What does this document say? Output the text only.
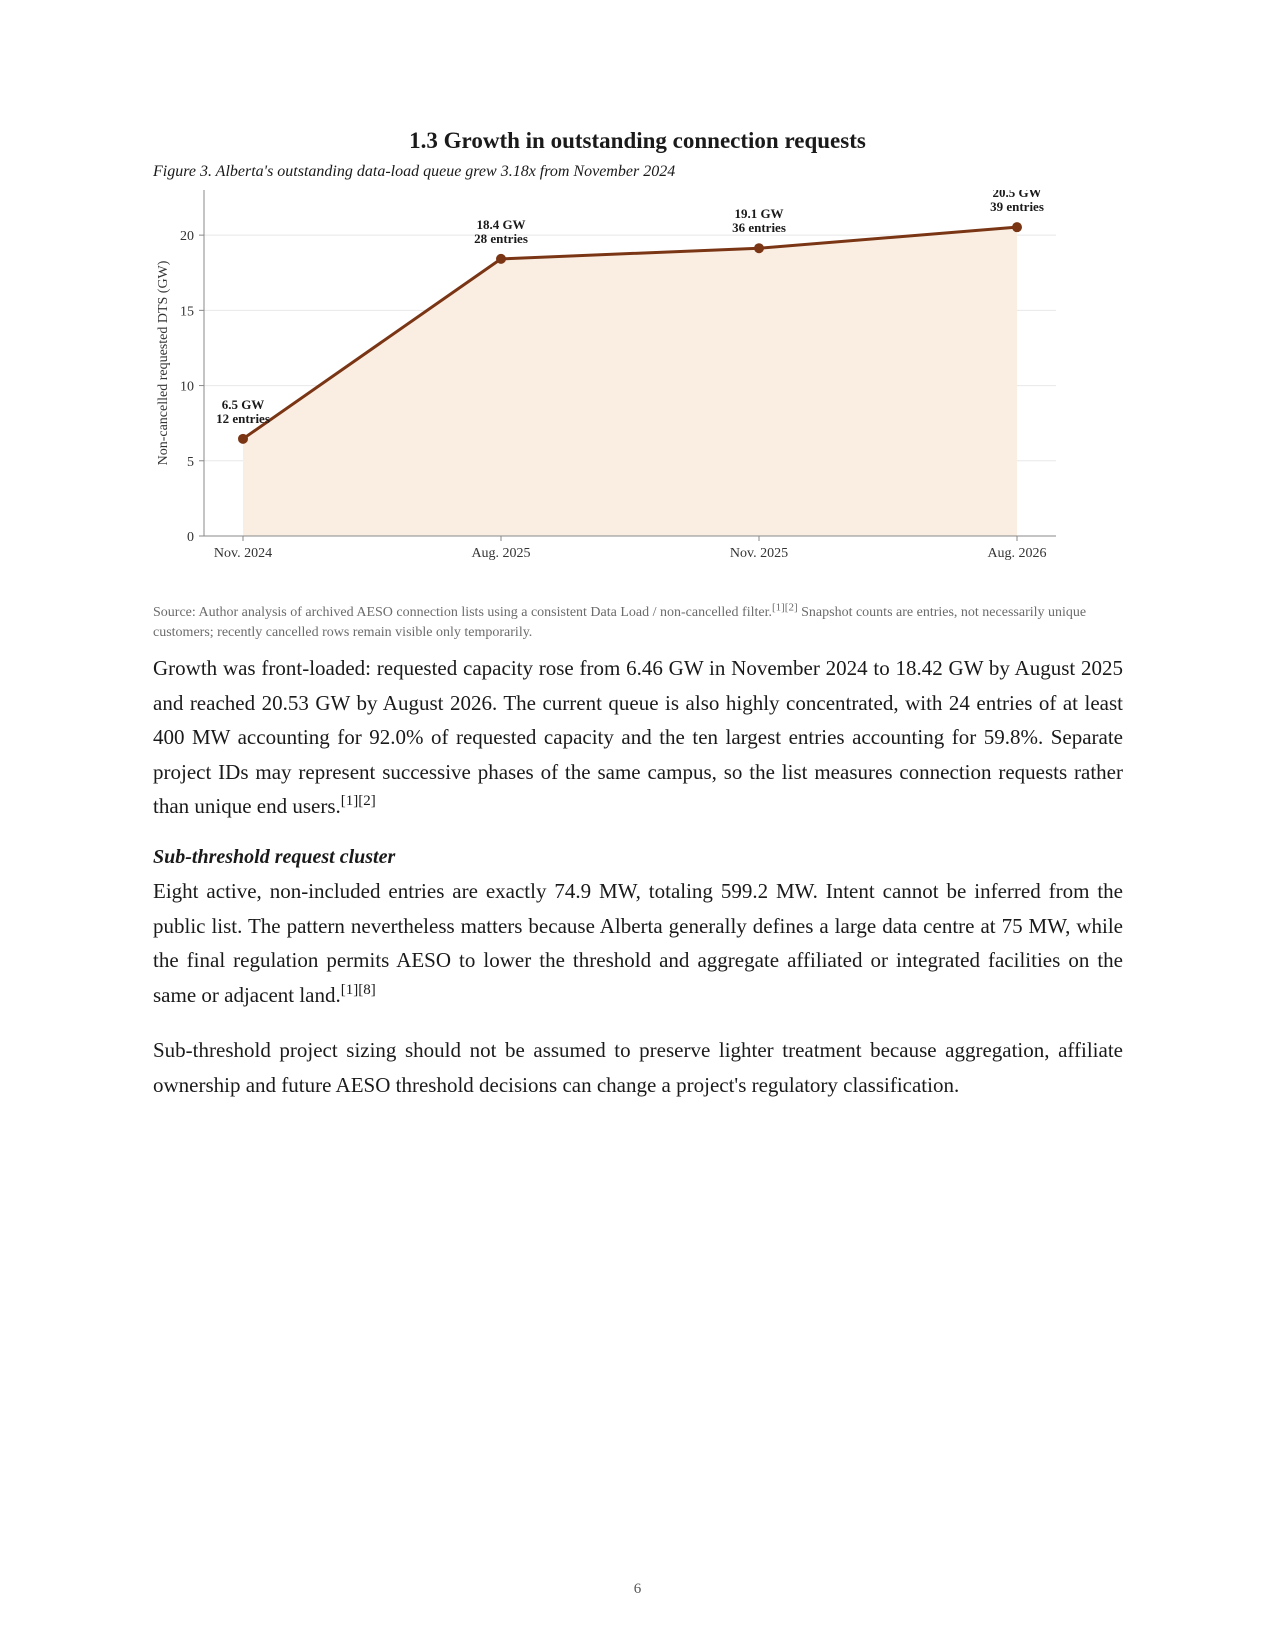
1.3 Growth in outstanding connection requests

Figure 3. Alberta's outstanding data-load queue grew 3.18x from November 2024

0
5
10
15
20
Nov. 2024	Aug. 2025	Nov. 2025	Aug. 2026
6.5 GW
12 entries
18.4 GW
28 entries
19.1 GW
36 entries
20.5 GW
39 entries
Non-cancelled requested DTS (GW)

Source: Author analysis of archived AESO connection lists using a consistent Data Load / non-cancelled filter.[1][2] Snapshot counts are entries, not necessarily unique customers; recently cancelled rows remain visible only temporarily.

Growth was front-loaded: requested capacity rose from 6.46 GW in November 2024 to 18.42 GW by August 2025 and reached 20.53 GW by August 2026. The current queue is also highly concentrated, with 24 entries of at least 400 MW accounting for 92.0% of requested capacity and the ten largest entries accounting for 59.8%. Separate project IDs may represent successive phases of the same campus, so the list measures connection requests rather than unique end users.[1][2]

Sub-threshold request cluster

Eight active, non-included entries are exactly 74.9 MW, totaling 599.2 MW. Intent cannot be inferred from the public list. The pattern nevertheless matters because Alberta generally defines a large data centre at 75 MW, while the final regulation permits AESO to lower the threshold and aggregate affiliated or integrated facilities on the same or adjacent land.[1][8]

Sub-threshold project sizing should not be assumed to preserve lighter treatment because aggregation, affiliate ownership and future AESO threshold decisions can change a project's regulatory classification.

6
